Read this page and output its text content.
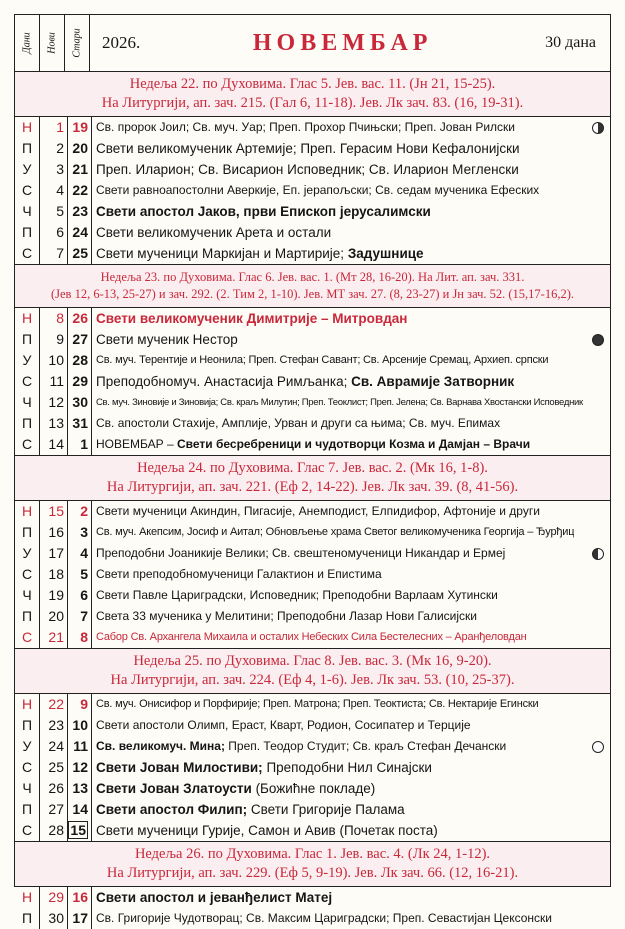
Дани Нови Стари 2026.	НОВЕМБАР	30 дана
Недеља 22. по Духовима. Глас 5. Јев. вас. 11. (Јн 21, 15-25).
На Литургији, ап. зач. 215. (Гал 6, 11-18). Јев. Лк зач. 83. (16, 19-31).
Н	1 19 Св. пророк Јоил; Св. муч. Уар; Преп. Прохор Пчињски; Преп. Јован Рилски
П	2 20 Свети великомученик Артемије; Преп. Герасим Нови Кефалонијски
У	3 21 Преп. Иларион; Св. Висарион Исповедник; Св. Иларион Мегленски
С	4 22 Свети равноапостолни Аверкије, Еп. јерапољски; Св. седам мученика Ефеских
Ч	5 23 Свети апостол Јаков, први Епископ јерусалимски
П	6 24 Свети великомученик Арета и остали
С	7 25 Свети мученици Маркијан и Мартирије; Задушнице
Недеља 23. по Духовима. Глас 6. Јев. вас. 1. (Мт 28, 16-20). На Лит. ап. зач. 331.
(Јев 12, 6-13, 25-27) и зач. 292. (2. Тим 2, 1-10). Јев. МТ зач. 27. (8, 23-27) и Јн зач. 52. (15,17-16,2).
Н	8 26 Свети великомученик Димитрије – Митровдан
П	9 27 Свети мученик Нестор
У	10 28 Св. муч. Терентије и Неонила; Преп. Стефан Савант; Св. Арсеније Сремац, Архиеп. српски
С	11 29 Преподобномуч. Анастасија Римљанка; Св. Аврамије Затворник
Ч	12 30 Св. муч. Зиновије и Зиновија; Св. краљ Милутин; Преп. Теоклист; Преп. Јелена; Св. Варнава Хвостански Исповедник
П	13 31 Св. апостоли Стахије, Амплије, Урван и други са њима; Св. муч. Епимах
С	14	1 НОВЕМБАР – Свети бесребреници и чудотворци Козма и Дамјан – Врачи
Недеља 24. по Духовима. Глас 7. Јев. вас. 2. (Мк 16, 1-8).
На Литургији, ап. зач. 221. (Еф 2, 14-22). Јев. Лк зач. 39. (8, 41-56).
Н	15	2 Свети мученици Акиндин, Пигасије, Анемподист, Елпидифор, Афтоније и други
П	16	3 Св. муч. Акепсим, Јосиф и Аитал; Обновљење храма Светог великомученика Георгија – Ђурђиц
У	17	4 Преподобни Јоаникије Велики; Св. свештеномученици Никандар и Ермеј
С	18	5 Свети преподобномученици Галактион и Епистима
Ч	19	6 Свети Павле Цариградски, Исповедник; Преподобни Варлаам Хутински
П	20	7 Света 33 мученика у Мелитини; Преподобни Лазар Нови Галисијски
С	21	8 Сабор Св. Архангела Михаила и осталих Небеских Сила Бестелесних – Аранђеловдан
Недеља 25. по Духовима. Глас 8. Јев. вас. 3. (Мк 16, 9-20).
На Литургији, ап. зач. 224. (Еф 4, 1-6). Јев. Лк зач. 53. (10, 25-37).
Н	22	9 Св. муч. Онисифор и Порфирије; Преп. Матрона; Преп. Теоктиста; Св. Нектарије Егински
П	23 10 Свети апостоли Олимп, Ераст, Кварт, Родион, Сосипатер и Терције
У	24 11 Св. великомуч. Мина; Преп. Теодор Студит; Св. краљ Стефан Дечански
С	25 12 Свети Јован Милостиви; Преподобни Нил Синајски
Ч	26 13 Свети Јован Златоусти (Божићне покладе)
П	27 14 Свети апостол Филип; Свети Григорије Палама
С	28 15 Свети мученици Гурије, Самон и Авив (Почетак поста)
Недеља 26. по Духовима. Глас 1. Јев. вас. 4. (Лк 24, 1-12).
На Литургији, ап. зач. 229. (Еф 5, 9-19). Јев. Лк зач. 66. (12, 16-21).
Н	29 16 Свети апостол и јеванђелист Матеј
П	30 17 Св. Григорије Чудотворац; Св. Максим Цариградски; Преп. Севастијан Цексонски
